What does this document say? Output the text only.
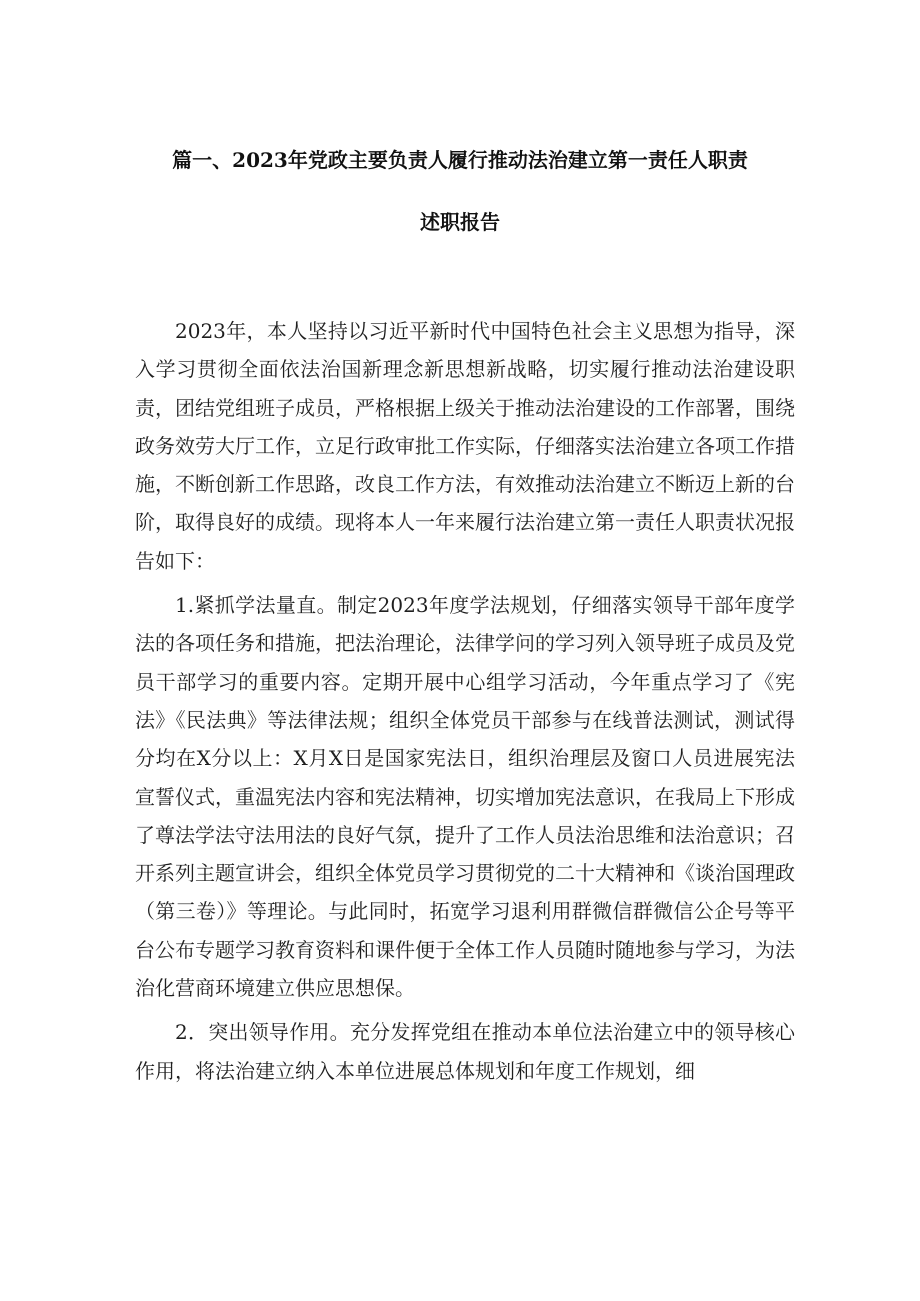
篇一、2023年党政主要负责人履行推动法治建立第一责任人职责
述职报告

2023年，本人坚持以习近平新时代中国特色社会主义思想为指导，深入学习贯彻全面依法治国新理念新思想新战略，切实履行推动法治建设职责，团结党组班子成员，严格根据上级关于推动法治建设的工作部署，围绕政务效劳大厅工作，立足行政审批工作实际，仔细落实法治建立各项工作措施，不断创新工作思路，改良工作方法，有效推动法治建立不断迈上新的台阶，取得良好的成绩。现将本人一年来履行法治建立第一责任人职责状况报告如下：

1.紧抓学法量直。制定2023年度学法规划，仔细落实领导干部年度学法的各项任务和措施，把法治理论，法律学问的学习列入领导班子成员及党员干部学习的重要内容。定期开展中心组学习活动，今年重点学习了《宪法》《民法典》等法律法规；组织全体党员干部参与在线普法测试，测试得分均在X分以上：X月X日是国家宪法日，组织治理层及窗口人员进展宪法宣誓仪式，重温宪法内容和宪法精神，切实增加宪法意识，在我局上下形成了尊法学法守法用法的良好气氛，提升了工作人员法治思维和法治意识；召开系列主题宣讲会，组织全体党员学习贯彻党的二十大精神和《谈治国理政（第三卷）》等理论。与此同时，拓宽学习退利用群微信群微信公企号等平台公布专题学习教育资料和课件便于全体工作人员随时随地参与学习，为法治化营商环境建立供应思想保。

2．突出领导作用。充分发挥党组在推动本单位法治建立中的领导核心作用，将法治建立纳入本单位进展总体规划和年度工作规划，细
